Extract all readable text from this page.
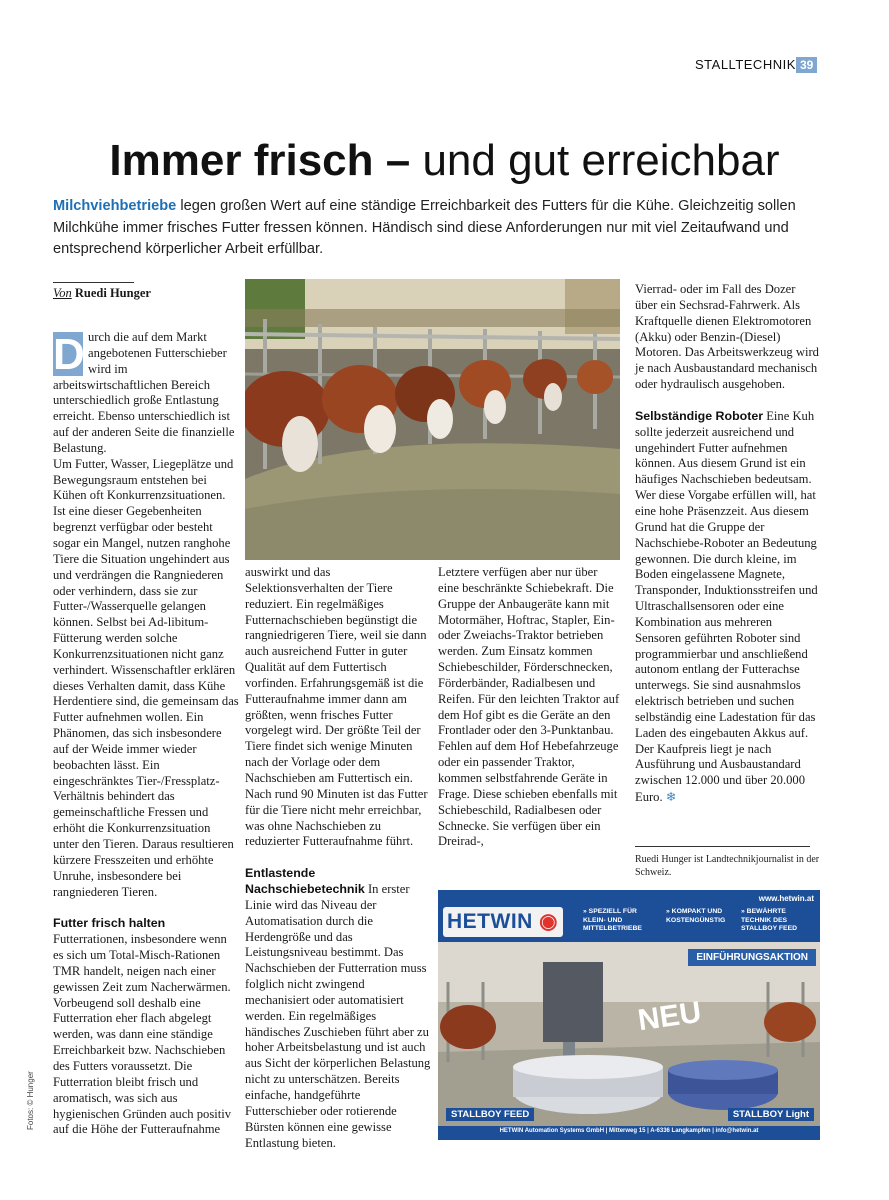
STALLTECHNIK 39
Immer frisch – und gut erreichbar
Milchviehbetriebe legen großen Wert auf eine ständige Erreichbarkeit des Futters für die Kühe. Gleichzeitig sollen Milchkühe immer frisches Futter fressen können. Händisch sind diese Anforderungen nur mit viel Zeitaufwand und entsprechend körperlicher Arbeit erfüllbar.
Von Ruedi Hunger

D urch die auf dem Markt angebotenen Futterschieber wird im arbeitswirtschaftlichen Bereich unterschiedlich große Entlastung erreicht. Ebenso unterschiedlich ist auf der anderen Seite die finanzielle Belastung.

Um Futter, Wasser, Liegeplätze und Bewegungsraum entstehen bei Kühen oft Konkurrenzsituationen. Ist eine dieser Gegebenheiten begrenzt verfügbar oder besteht sogar ein Mangel, nutzen ranghohe Tiere die Situation ungehindert aus und verdrängen die Rangniederen oder verhindern, dass sie zur Futter-/Wasserquelle gelangen können. Selbst bei Ad-libitum-Fütterung werden solche Konkurrenzsituationen nicht ganz verhindert. Wissenschaftler erklären dieses Verhalten damit, dass Kühe Herdentiere sind, die gemeinsam das Futter aufnehmen wollen. Ein Phänomen, das sich insbesondere auf der Weide immer wieder beobachten lässt. Ein eingeschränktes Tier-/Fressplatz-Verhältnis behindert das gemeinschaftliche Fressen und erhöht die Konkurrenzsituation unter den Tieren. Daraus resultieren kürzere Fresszeiten und erhöhte Unruhe, insbesondere bei rangniederen Tieren.

Futter frisch halten Futterrationen, insbesondere wenn es sich um Total-Misch-Rationen TMR handelt, neigen nach einer gewissen Zeit zum Nacherwärmen. Vorbeugend soll deshalb eine Futterration eher flach abgelegt werden, was dann eine ständige Erreichbarkeit bzw. Nachschieben des Futters voraussetzt. Die Futterration bleibt frisch und aromatisch, was sich aus hygienischen Gründen auch positiv auf die Höhe der Futteraufnahme

auswirkt und das Selektionsverhalten der Tiere reduziert. Ein regelmäßiges Futternachschieben begünstigt die rangniedrigeren Tiere, weil sie dann auch ausreichend Futter in guter Qualität auf dem Futtertisch vorfinden. Erfahrungsgemäß ist die Futteraufnahme immer dann am größten, wenn frisches Futter vorgelegt wird. Der größte Teil der Tiere findet sich wenige Minuten nach der Vorlage oder dem Nachschieben am Futtertisch ein. Nach rund 90 Minuten ist das Futter für die Tiere nicht mehr erreichbar, was ohne Nachschieben zu reduzierter Futteraufnahme führt.

Entlastende Nachschiebetechnik In erster Linie wird das Niveau der Automatisation durch die Herdengröße und das Leistungsniveau bestimmt. Das Nachschieben der Futterration muss folglich nicht zwingend mechanisiert oder automatisiert werden. Ein regelmäßiges händisches Zuschieben führt aber zu hoher Arbeitsbelastung und ist auch aus Sicht der körperlichen Belastung nicht zu unterschätzen. Bereits einfache, handgeführte Futterschieber oder rotierende Bürsten können eine gewisse Entlastung bieten.

Letztere verfügen aber nur über eine beschränkte Schiebekraft. Die Gruppe der Anbaugeräte kann mit Motormäher, Hoftrac, Stapler, Ein- oder Zweiachs-Traktor betrieben werden. Zum Einsatz kommen Schiebeschilder, Förderschnecken, Förderbänder, Radialbesen und Reifen. Für den leichten Traktor auf dem Hof gibt es die Geräte an den Frontlader oder den 3-Punktanbau.

Fehlen auf dem Hof Hebefahrzeuge oder ein passender Traktor, kommen selbstfahrende Geräte in Frage. Diese schieben ebenfalls mit Schiebeschild, Radialbesen oder Schnecke. Sie verfügen über ein Dreirad-,

Vierrad- oder im Fall des Dozer über ein Sechsrad-Fahrwerk. Als Kraftquelle dienen Elektromotoren (Akku) oder Benzin-(Diesel) Motoren. Das Arbeitswerkzeug wird je nach Ausbaustandard mechanisch oder hydraulisch ausgehoben.

Selbständige Roboter Eine Kuh sollte jederzeit ausreichend und ungehindert Futter aufnehmen können. Aus diesem Grund ist ein häufiges Nachschieben bedeutsam. Wer diese Vorgabe erfüllen will, hat eine hohe Präsenzzeit. Aus diesem Grund hat die Gruppe der Nachschiebe-Roboter an Bedeutung gewonnen. Die durch kleine, im Boden eingelassene Magnete, Transponder, Induktionsstreifen und Ultraschallsensoren oder eine Kombination aus mehreren Sensoren geführten Roboter sind programmierbar und anschließend autonom entlang der Futterachse unterwegs. Sie sind ausnahmslos elektrisch betrieben und suchen selbständig eine Ladestation für das Laden des eingebauten Akkus auf. Der Kaufpreis liegt je nach Ausführung und Ausbaustandard zwischen 12.000 und über 20.000 Euro. ❄

Ruedi Hunger ist Landtechnikjournalist in der Schweiz.
Fotos: © Hunger
www.hetwin.at
HETWIN ◉	» SPEZIELL FÜR KLEIN- UND MITTELBETRIEBE
» KOMPAKT UND KOSTENGÜNSTIG
» BEWÄHRTE TECHNIK DES STALLBOY FEED
EINFÜHRUNGSAKTION
NEU
STALLBOY FEED	STALLBOY Light
HETWIN Automation Systems GmbH | Mitterweg 15 | A-6336 Langkampfen | info@hetwin.at
